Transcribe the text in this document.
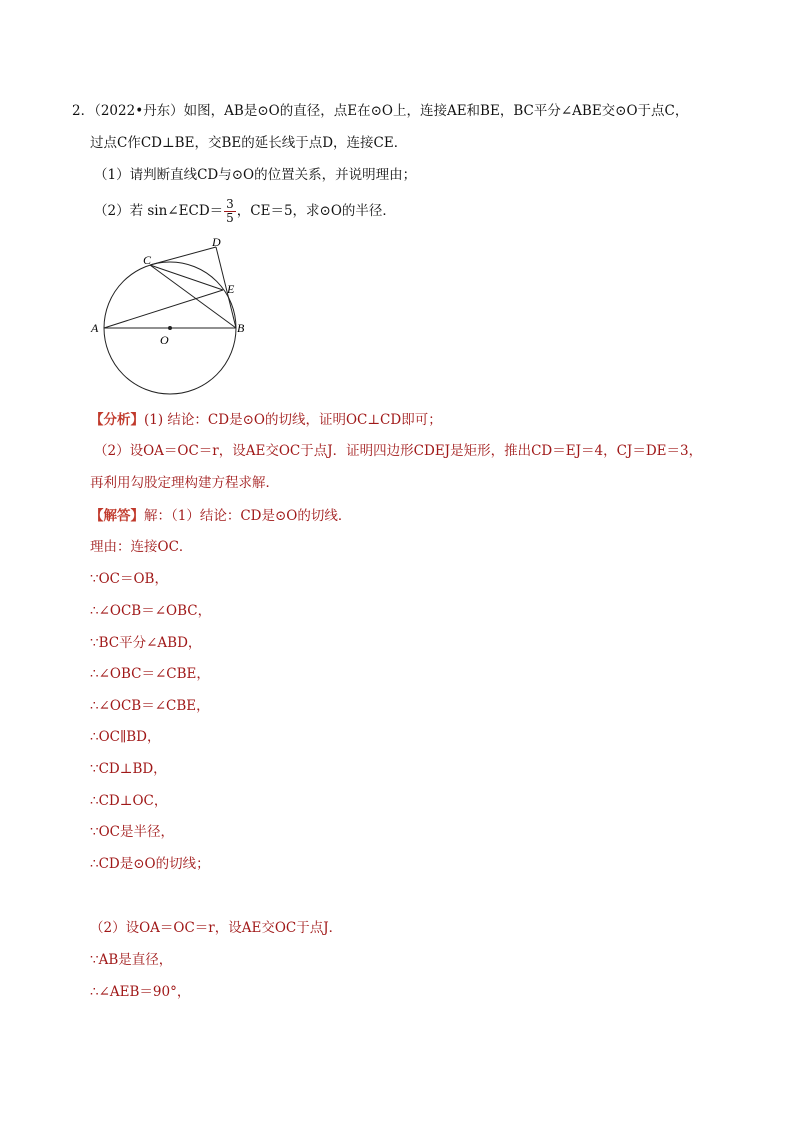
2．（2022•丹东）如图，AB是⊙O的直径，点E在⊙O上，连接AE和BE，BC平分∠ABE交⊙O于点C，
过点C作CD⊥BE，交BE的延长线于点D，连接CE．
（1）请判断直线CD与⊙O的位置关系，并说明理由；
（2）若 sin∠ECD＝ $\frac{3}{5}$ ，CE＝5，求⊙O的半径．
A	B
C
D
E
O
【分析】(1) 结论：CD是⊙O的切线，证明OC⊥CD即可；
（2）设OA＝OC＝r，设AE交OC于点J．证明四边形CDEJ是矩形，推出CD＝EJ＝4，CJ＝DE＝3，
再利用勾股定理构建方程求解．
【解答】解：（1）结论：CD是⊙O的切线．
理由：连接OC．
∵OC＝OB，
∴∠OCB＝∠OBC，
∵BC平分∠ABD，
∴∠OBC＝∠CBE，
∴∠OCB＝∠CBE，
∴OC∥BD，
∵CD⊥BD，
∴CD⊥OC，
∵OC是半径，
∴CD是⊙O的切线；
（2）设OA＝OC＝r，设AE交OC于点J．
∵AB是直径，
∴∠AEB＝90°，
